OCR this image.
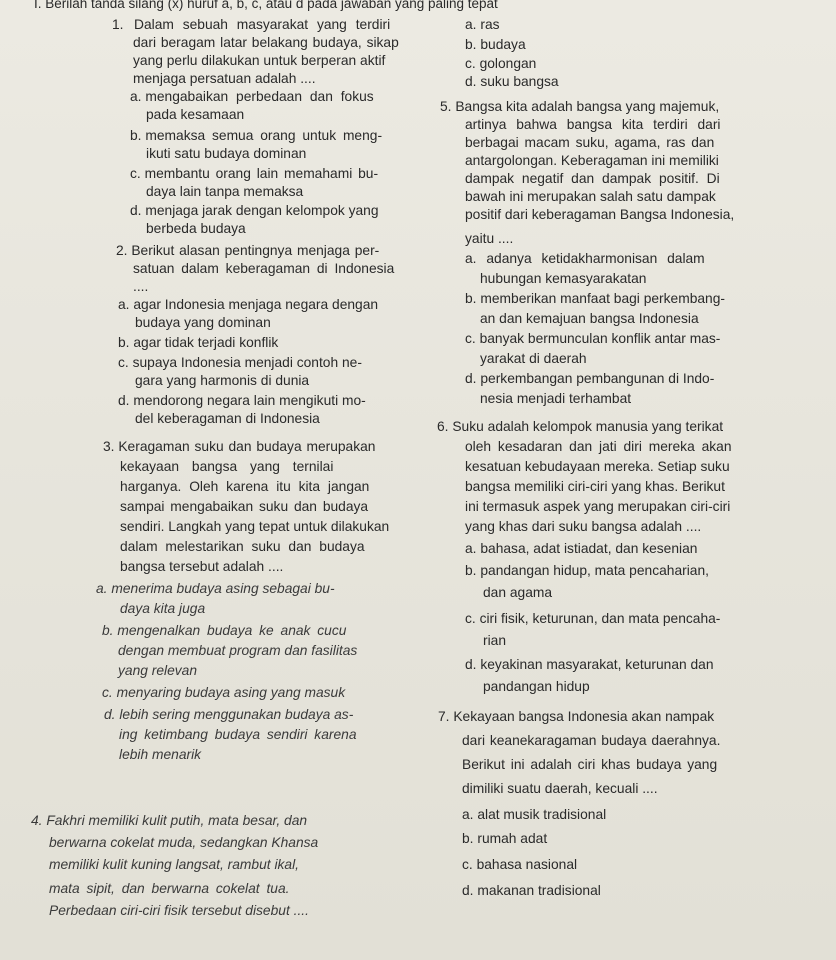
I. Berilah tanda silang (x) huruf a, b, c, atau d pada jawaban yang paling tepat
1. Dalam sebuah masyarakat yang terdiri
dari beragam latar belakang budaya, sikap
yang perlu dilakukan untuk berperan aktif
menjaga persatuan adalah ....
a. mengabaikan perbedaan dan fokus
pada kesamaan
b. memaksa semua orang untuk meng-
ikuti satu budaya dominan
c. membantu orang lain memahami bu-
daya lain tanpa memaksa
d. menjaga jarak dengan kelompok yang
berbeda budaya
2. Berikut alasan pentingnya menjaga per-
satuan dalam keberagaman di Indonesia
....
a. agar Indonesia menjaga negara dengan
budaya yang dominan
b. agar tidak terjadi konflik
c. supaya Indonesia menjadi contoh ne-
gara yang harmonis di dunia
d. mendorong negara lain mengikuti mo-
del keberagaman di Indonesia
3. Keragaman suku dan budaya merupakan
kekayaan bangsa yang ternilai
harganya. Oleh karena itu kita jangan
sampai mengabaikan suku dan budaya
sendiri. Langkah yang tepat untuk dilakukan
dalam melestarikan suku dan budaya
bangsa tersebut adalah ....
a. menerima budaya asing sebagai bu-
daya kita juga
b. mengenalkan budaya ke anak cucu
dengan membuat program dan fasilitas
yang relevan
c. menyaring budaya asing yang masuk
d. lebih sering menggunakan budaya as-
ing ketimbang budaya sendiri karena
lebih menarik
4. Fakhri memiliki kulit putih, mata besar, dan
berwarna cokelat muda, sedangkan Khansa
memiliki kulit kuning langsat, rambut ikal,
mata sipit, dan berwarna cokelat tua.
Perbedaan ciri-ciri fisik tersebut disebut ....
a. ras
b. budaya
c. golongan
d. suku bangsa
5. Bangsa kita adalah bangsa yang majemuk,
artinya bahwa bangsa kita terdiri dari
berbagai macam suku, agama, ras dan
antargolongan. Keberagaman ini memiliki
dampak negatif dan dampak positif. Di
bawah ini merupakan salah satu dampak
positif dari keberagaman Bangsa Indonesia,
yaitu ....
a. adanya ketidakharmonisan dalam
hubungan kemasyarakatan
b. memberikan manfaat bagi perkembang-
an dan kemajuan bangsa Indonesia
c. banyak bermunculan konflik antar mas-
yarakat di daerah
d. perkembangan pembangunan di Indo-
nesia menjadi terhambat
6. Suku adalah kelompok manusia yang terikat
oleh kesadaran dan jati diri mereka akan
kesatuan kebudayaan mereka. Setiap suku
bangsa memiliki ciri-ciri yang khas. Berikut
ini termasuk aspek yang merupakan ciri-ciri
yang khas dari suku bangsa adalah ....
a. bahasa, adat istiadat, dan kesenian
b. pandangan hidup, mata pencaharian,
dan agama
c. ciri fisik, keturunan, dan mata pencaha-
rian
d. keyakinan masyarakat, keturunan dan
pandangan hidup
7. Kekayaan bangsa Indonesia akan nampak
dari keanekaragaman budaya daerahnya.
Berikut ini adalah ciri khas budaya yang
dimiliki suatu daerah, kecuali ....
a. alat musik tradisional
b. rumah adat
c. bahasa nasional
d. makanan tradisional
